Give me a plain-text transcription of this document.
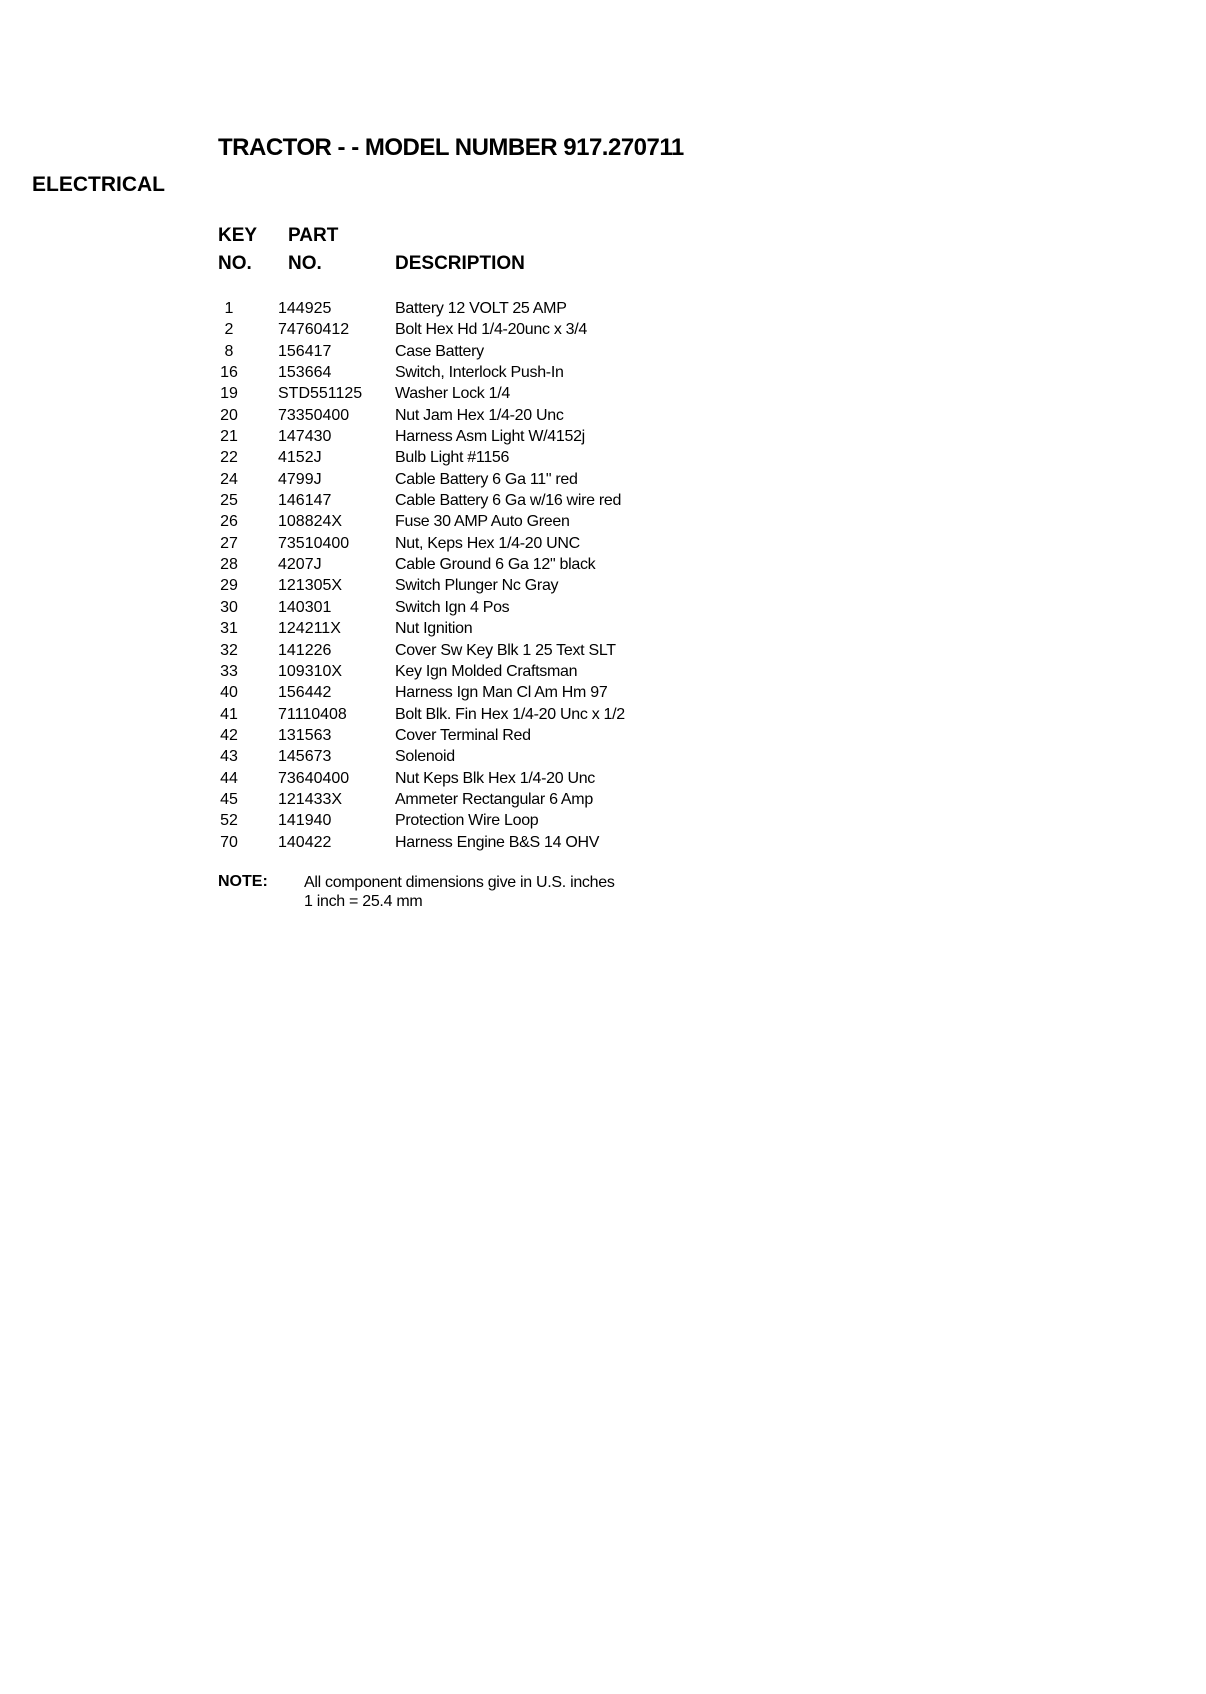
TRACTOR - - MODEL NUMBER 917.270711
ELECTRICAL
KEY PART
NO. NO.	DESCRIPTION
1	144925	Battery 12 VOLT 25 AMP
2	74760412	Bolt Hex Hd 1/4-20unc x 3/4
8	156417	Case Battery
16	153664	Switch, Interlock Push-In
19	STD551125 Washer Lock 1/4
20	73350400	Nut Jam Hex 1/4-20 Unc
21	147430	Harness Asm Light W/4152j
22	4152J	Bulb Light #1156
24	4799J	Cable Battery 6 Ga 11" red
25	146147	Cable Battery 6 Ga w/16 wire red
26	108824X	Fuse 30 AMP Auto Green
27	73510400	Nut, Keps Hex 1/4-20 UNC
28	4207J	Cable Ground 6 Ga 12" black
29	121305X	Switch Plunger Nc Gray
30	140301	Switch Ign 4 Pos
31	124211X	Nut Ignition
32	141226	Cover Sw Key Blk 1 25 Text SLT
33	109310X	Key Ign Molded Craftsman
40	156442	Harness Ign Man Cl Am Hm 97
41	71110408	Bolt Blk. Fin Hex 1/4-20 Unc x 1/2
42	131563	Cover Terminal Red
43	145673	Solenoid
44	73640400	Nut Keps Blk Hex 1/4-20 Unc
45	121433X	Ammeter Rectangular 6 Amp
52	141940	Protection Wire Loop
70	140422	Harness Engine B&S 14 OHV
NOTE: All component dimensions give in U.S. inches
1 inch = 25.4 mm
